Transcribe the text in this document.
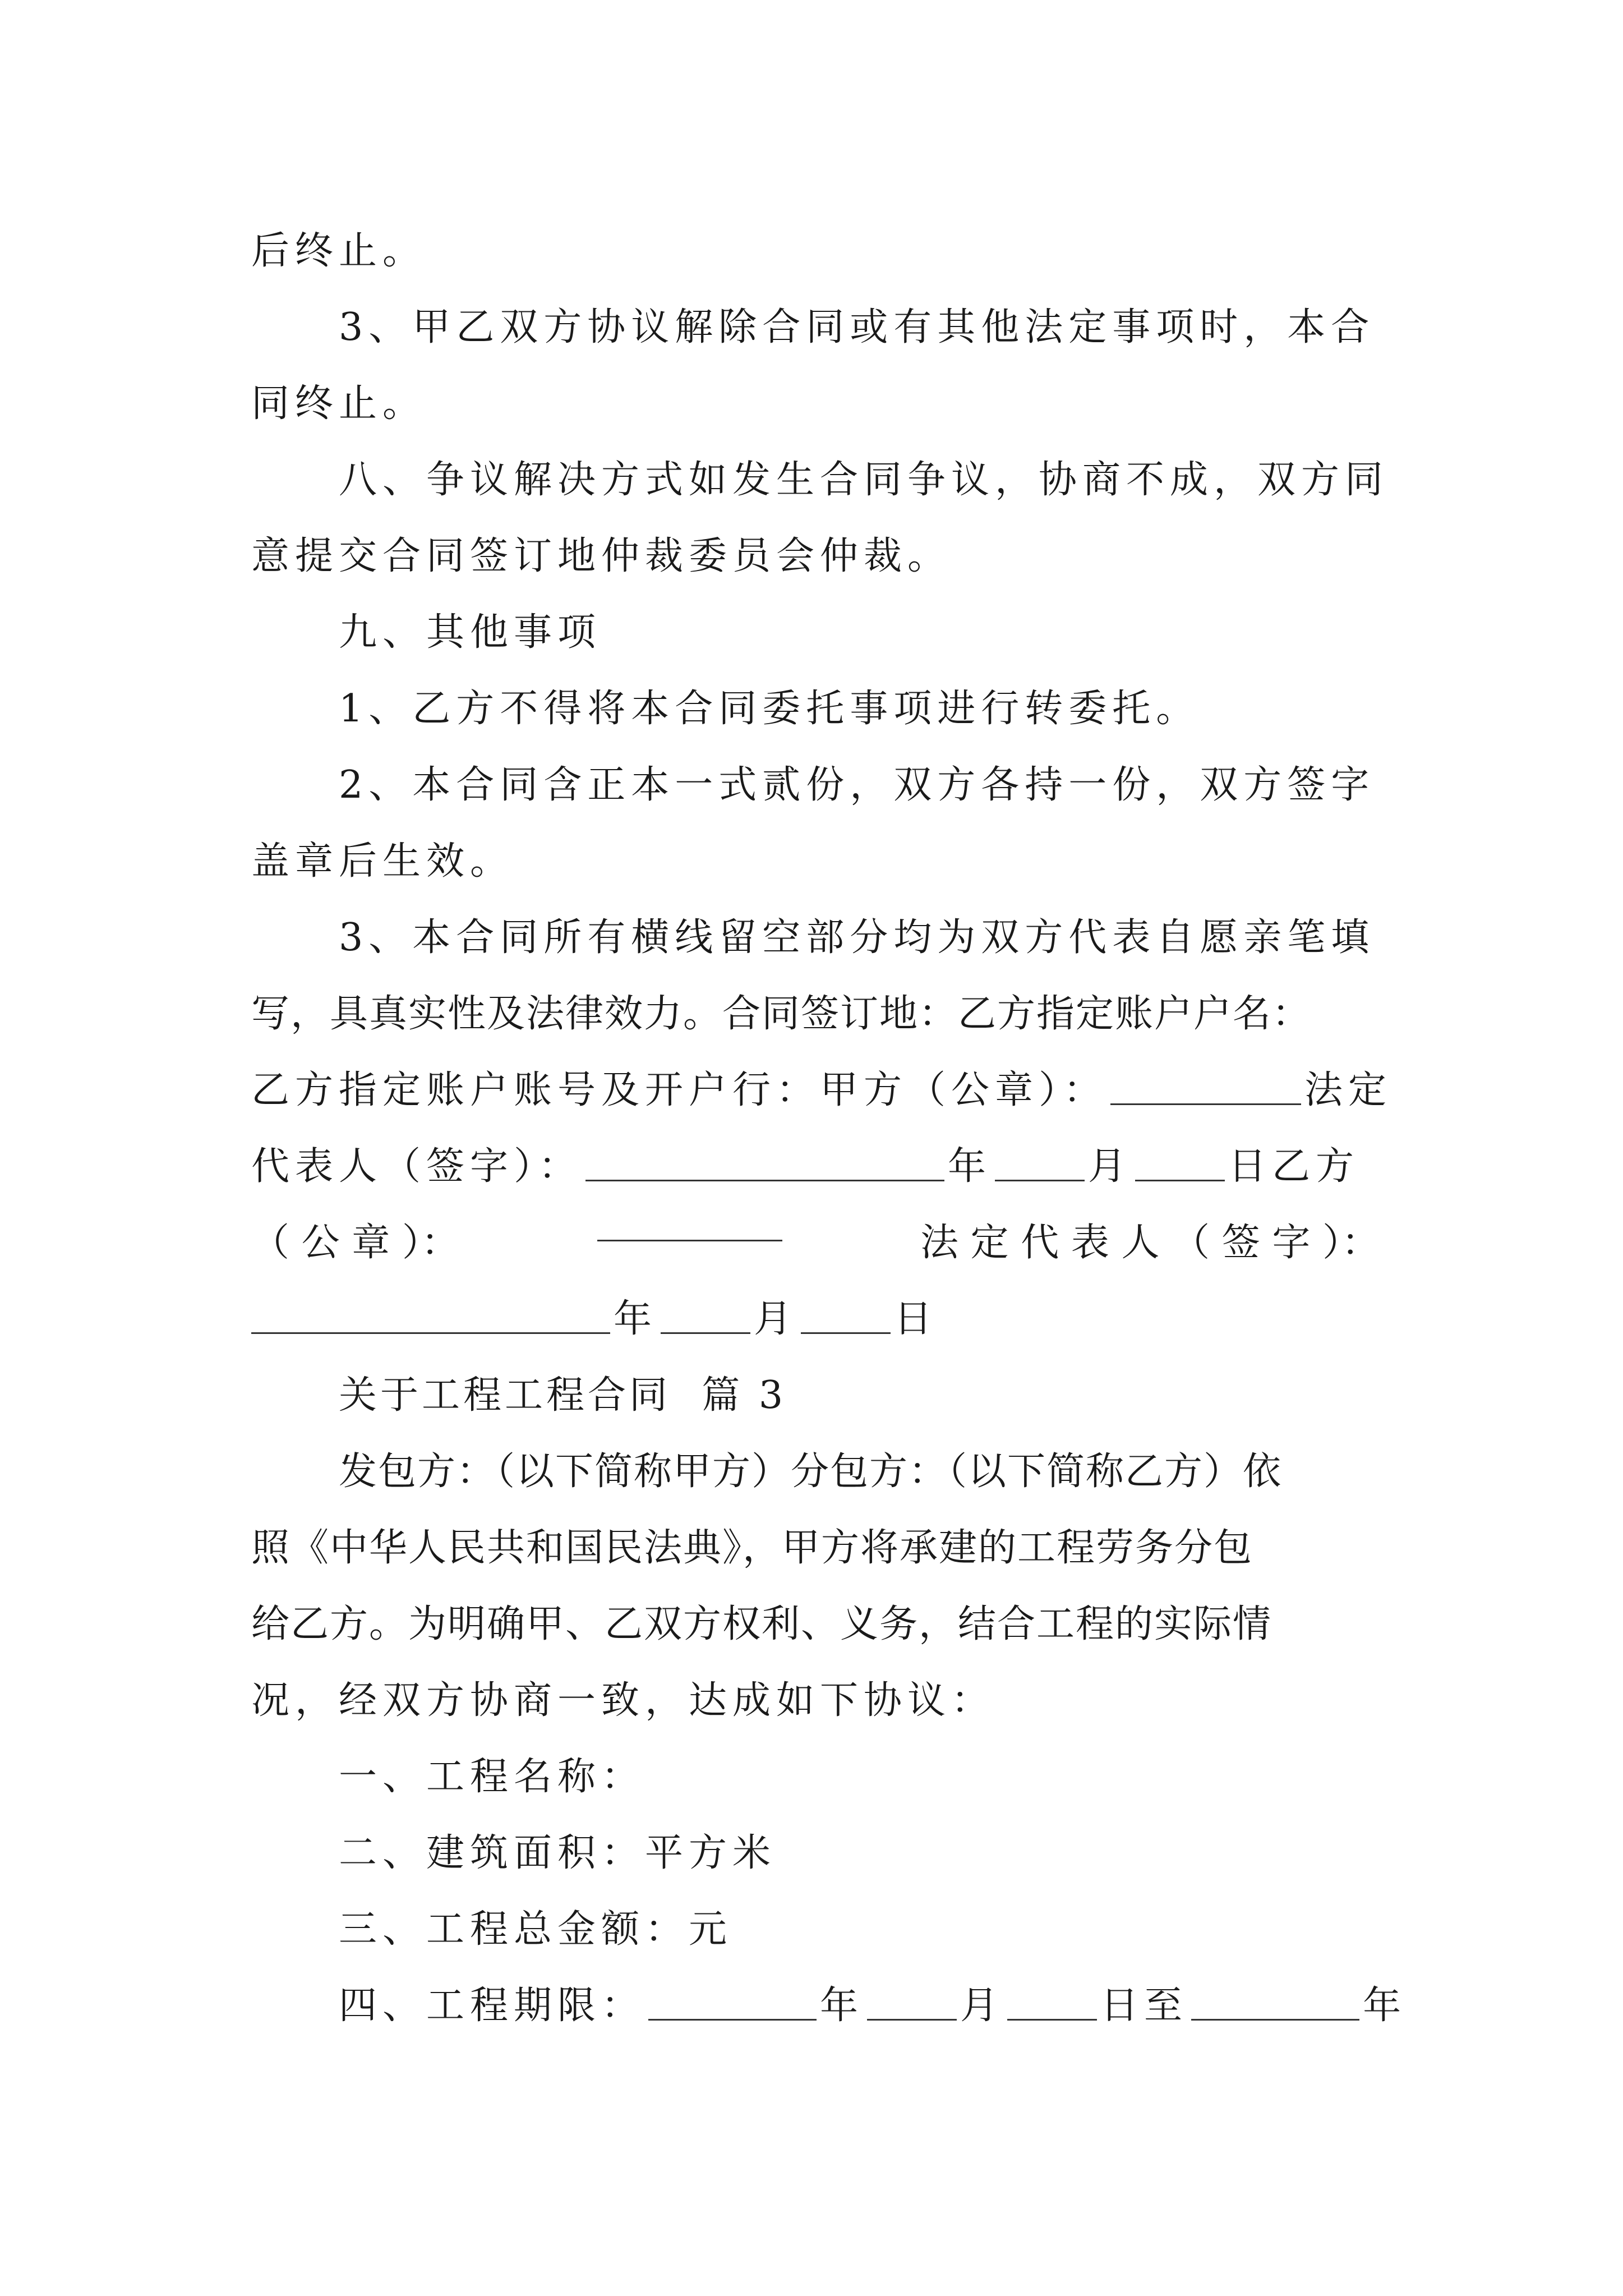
后终止。
3、甲乙双方协议解除合同或有其他法定事项时，本合
同终止。
八、争议解决方式如发生合同争议，协商不成，双方同
意提交合同签订地仲裁委员会仲裁。
九、其他事项
1、乙方不得将本合同委托事项进行转委托。
2、本合同含正本一式贰份，双方各持一份，双方签字
盖章后生效。
3、本合同所有横线留空部分均为双方代表自愿亲笔填
写，具真实性及法律效力。合同签订地：乙方指定账户户名：
乙方指定账户账号及开户行：甲方（公章）：	法定
代表人（签字）：	年	月	日乙方
（ 公 章 ）：	法 定 代 表 人 （ 签 字 ）：
年	月	日
关于工程工程合同  篇 3
发包方：（以下简称甲方）分包方：（以下简称乙方）依
照《中华人民共和国民法典》，甲方将承建的工程劳务分包
给乙方。为明确甲、乙双方权利、义务，结合工程的实际情
况，经双方协商一致，达成如下协议：
一、工程名称：
二、建筑面积：平方米
三、工程总金额：元
四、工程期限：	年	月	日至	年
